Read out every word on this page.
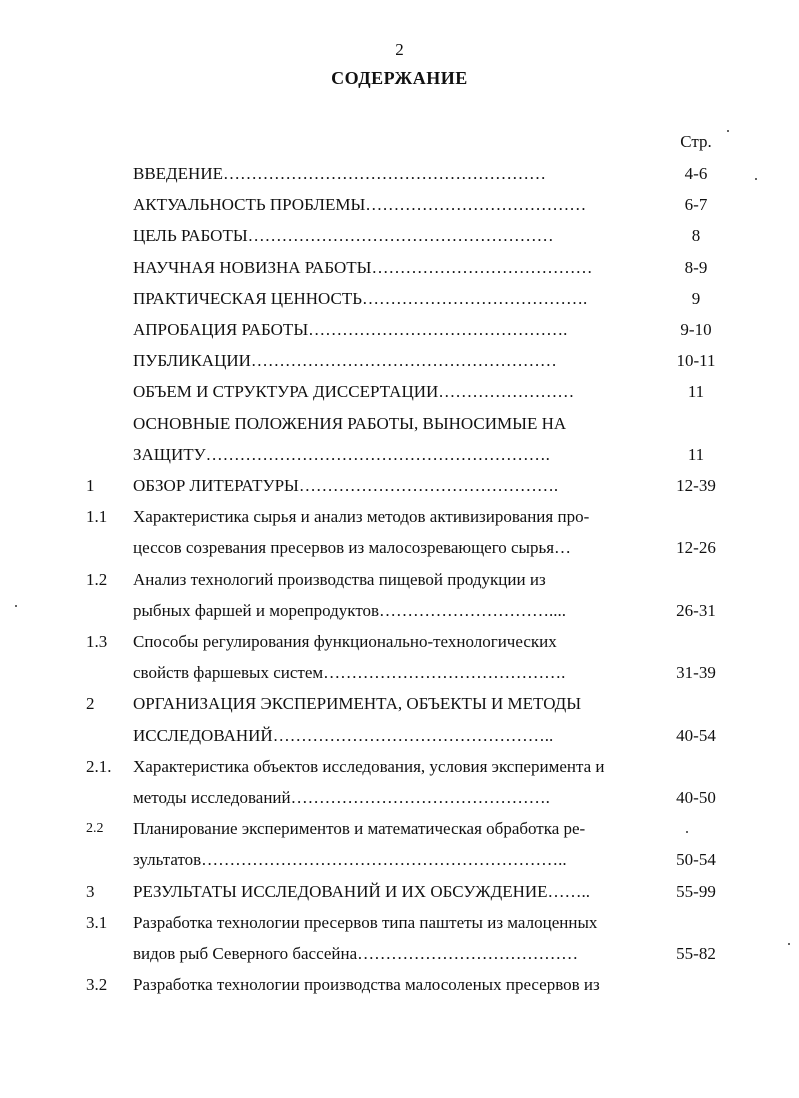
2
СОДЕРЖАНИЕ
Стр.
ВВЕДЕНИЕ…………………………………………………	4-6
АКТУАЛЬНОСТЬ ПРОБЛЕМЫ…………………………………	6-7
ЦЕЛЬ РАБОТЫ………………………………………………	8
НАУЧНАЯ НОВИЗНА РАБОТЫ…………………………………	8-9
ПРАКТИЧЕСКАЯ ЦЕННОСТЬ………………………………….	9
АПРОБАЦИЯ РАБОТЫ……………………………………….	9-10
ПУБЛИКАЦИИ………………………………………………	10-11
ОБЪЕМ И СТРУКТУРА ДИССЕРТАЦИИ……………………	11
ОСНОВНЫЕ ПОЛОЖЕНИЯ РАБОТЫ, ВЫНОСИМЫЕ НА
ЗАЩИТУ…………………………………………………….	11
1	ОБЗОР ЛИТЕРАТУРЫ……………………………………….	12-39
1.1	Характеристика сырья и анализ методов активизирования про-
цессов созревания пресервов из малосозревающего сырья…	12-26
1.2	Анализ технологий производства пищевой продукции из
рыбных фаршей и морепродуктов…………………………....	26-31
1.3	Способы регулирования функционально-технологических
свойств фаршевых систем…………………………………….	31-39
2	ОРГАНИЗАЦИЯ ЭКСПЕРИМЕНТА, ОБЪЕКТЫ И МЕТОДЫ
ИССЛЕДОВАНИЙ…………………………………………..	40-54
2.1.	Характеристика объектов исследования, условия эксперимента и
методы исследований……………………………………….	40-50
2.2	Планирование экспериментов и математическая обработка ре-
зультатов………………………………………………………..	50-54
3	РЕЗУЛЬТАТЫ ИССЛЕДОВАНИЙ И ИХ ОБСУЖДЕНИЕ……..	55-99
3.1	Разработка технологии пресервов типа паштеты из малоценных
видов рыб Северного бассейна…………………………………	55-82
3.2	Разработка технологии производства малосоленых пресервов из
